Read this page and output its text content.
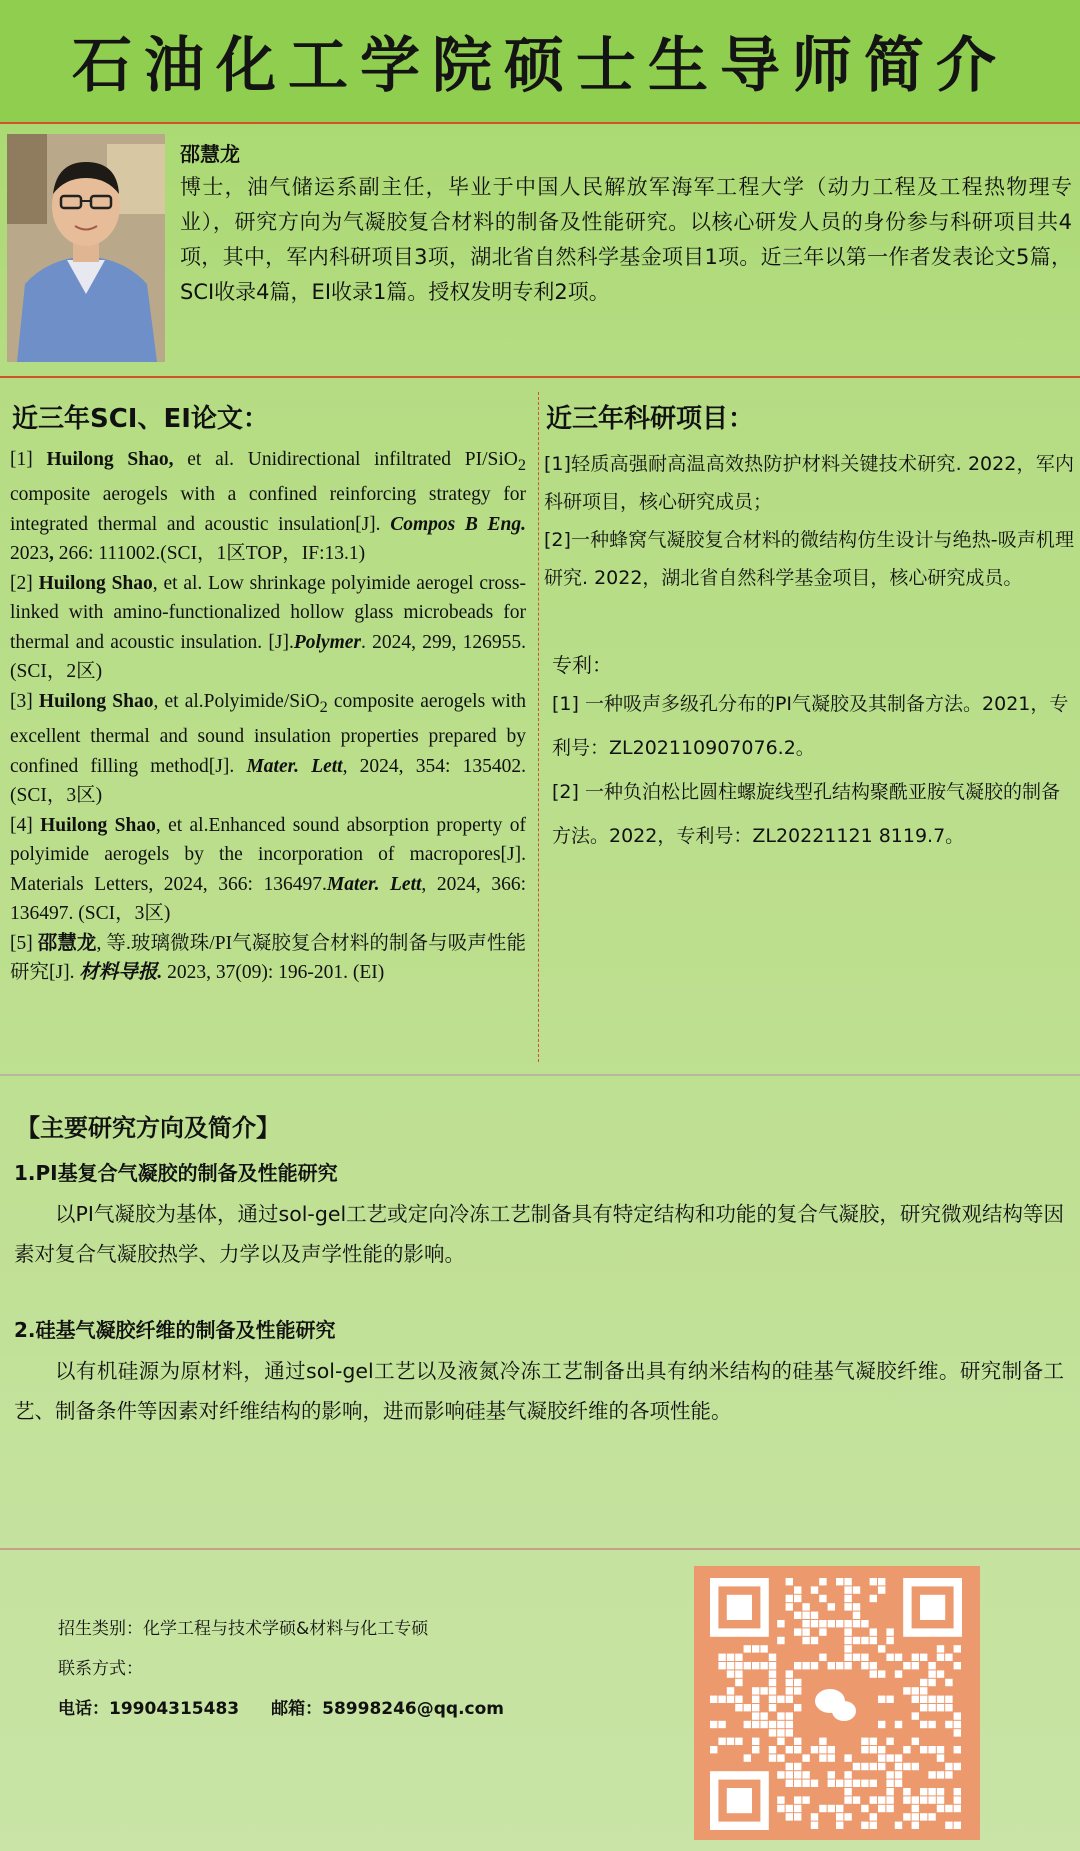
石油化工学院硕士生导师简介
邵慧龙
博士，油气储运系副主任，毕业于中国人民解放军海军工程大学（动力工程及工程热物理专业），研究方向为气凝胶复合材料的制备及性能研究。以核心研发人员的身份参与科研项目共4项，其中，军内科研项目3项，湖北省自然科学基金项目1项。近三年以第一作者发表论文5篇，SCI收录4篇，EI收录1篇。授权发明专利2项。
近三年SCI、EI论文：

[1] Huilong Shao, et al. Unidirectional infiltrated PI/SiO$_2$ composite aerogels with a confined reinforcing strategy for integrated thermal and acoustic insulation[J]. Compos B Eng. 2023, 266: 111002.(SCI，1区TOP，IF:13.1)

[2] Huilong Shao, et al. Low shrinkage polyimide aerogel cross-linked with amino-functionalized hollow glass microbeads for thermal and acoustic insulation. [J].Polymer. 2024, 299, 126955. (SCI，2区)

[3] Huilong Shao, et al.Polyimide/SiO$_2$ composite aerogels with excellent thermal and sound insulation properties prepared by confined filling method[J]. Mater. Lett, 2024, 354: 135402. (SCI，3区)

[4] Huilong Shao, et al.Enhanced sound absorption property of polyimide aerogels by the incorporation of macropores[J]. Materials Letters, 2024, 366: 136497.Mater. Lett, 2024, 366: 136497. (SCI，3区)

[5] 邵慧龙, 等.玻璃微珠/PI气凝胶复合材料的制备与吸声性能研究[J]. 材料导报. 2023, 37(09): 196-201. (EI)

近三年科研项目：

[1]轻质高强耐高温高效热防护材料关键技术研究. 2022，军内科研项目，核心研究成员；

[2]一种蜂窝气凝胶复合材料的微结构仿生设计与绝热-吸声机理研究. 2022，湖北省自然科学基金项目，核心研究成员。

专利：

[1] 一种吸声多级孔分布的PI气凝胶及其制备方法。2021，专利号：ZL202110907076.2。

[2] 一种负泊松比圆柱螺旋线型孔结构聚酰亚胺气凝胶的制备方法。2022，专利号：ZL20221121 8119.7。

【主要研究方向及简介】
1.PI基复合气凝胶的制备及性能研究

以PI气凝胶为基体，通过sol-gel工艺或定向冷冻工艺制备具有特定结构和功能的复合气凝胶，研究微观结构等因素对复合气凝胶热学、力学以及声学性能的影响。

2.硅基气凝胶纤维的制备及性能研究

以有机硅源为原材料，通过sol-gel工艺以及液氮冷冻工艺制备出具有纳米结构的硅基气凝胶纤维。研究制备工艺、制备条件等因素对纤维结构的影响，进而影响硅基气凝胶纤维的各项性能。

招生类别：化学工程与技术学硕&材料与化工专硕
联系方式：
电话：19904315483 邮箱：58998246@qq.com
